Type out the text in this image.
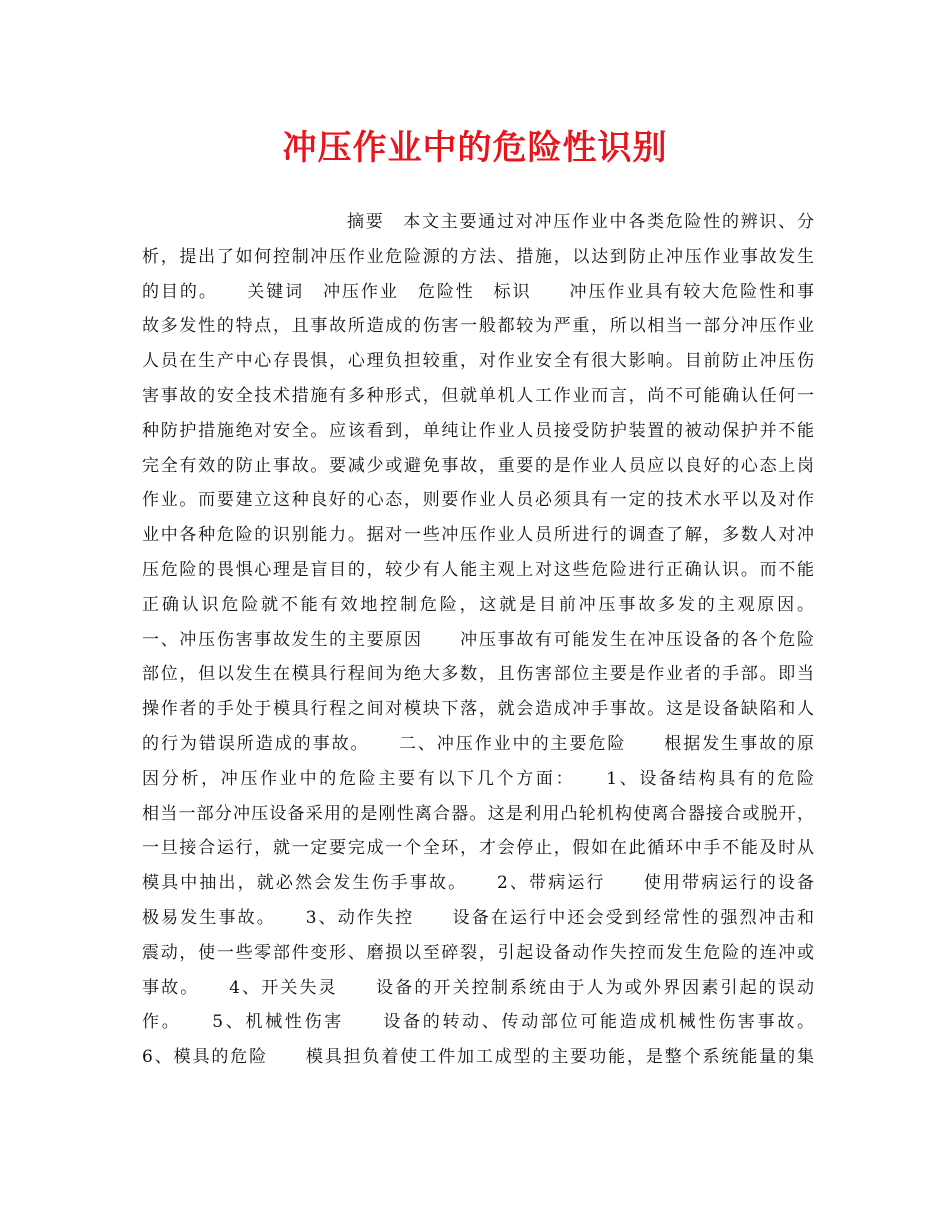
冲压作业中的危险性识别
摘要　本文主要通过对冲压作业中各类危险性的辨识、分
析，提出了如何控制冲压作业危险源的方法、措施，以达到防止冲压作业事故发生
的目的。　　关键词　冲压作业　危险性　标识　　冲压作业具有较大危险性和事
故多发性的特点，且事故所造成的伤害一般都较为严重，所以相当一部分冲压作业
人员在生产中心存畏惧，心理负担较重，对作业安全有很大影响。目前防止冲压伤
害事故的安全技术措施有多种形式，但就单机人工作业而言，尚不可能确认任何一
种防护措施绝对安全。应该看到，单纯让作业人员接受防护装置的被动保护并不能
完全有效的防止事故。要减少或避免事故，重要的是作业人员应以良好的心态上岗
作业。而要建立这种良好的心态，则要作业人员必须具有一定的技术水平以及对作
业中各种危险的识别能力。据对一些冲压作业人员所进行的调查了解，多数人对冲
压危险的畏惧心理是盲目的，较少有人能主观上对这些危险进行正确认识。而不能
正确认识危险就不能有效地控制危险，这就是目前冲压事故多发的主观原因。
一、冲压伤害事故发生的主要原因　　冲压事故有可能发生在冲压设备的各个危险
部位，但以发生在模具行程间为绝大多数，且伤害部位主要是作业者的手部。即当
操作者的手处于模具行程之间对模块下落，就会造成冲手事故。这是设备缺陷和人
的行为错误所造成的事故。　　二、冲压作业中的主要危险　　根据发生事故的原
因分析，冲压作业中的危险主要有以下几个方面：　　1、设备结构具有的危险
相当一部分冲压设备采用的是刚性离合器。这是利用凸轮机构使离合器接合或脱开，
一旦接合运行，就一定要完成一个全环，才会停止，假如在此循环中手不能及时从
模具中抽出，就必然会发生伤手事故。　　2、带病运行　　使用带病运行的设备
极易发生事故。　　3、动作失控　　设备在运行中还会受到经常性的强烈冲击和
震动，使一些零部件变形、磨损以至碎裂，引起设备动作失控而发生危险的连冲或
事故。　　4、开关失灵　　设备的开关控制系统由于人为或外界因素引起的误动
作。　　5、机械性伤害　　设备的转动、传动部位可能造成机械性伤害事故。
6、模具的危险　　模具担负着使工件加工成型的主要功能，是整个系统能量的集
